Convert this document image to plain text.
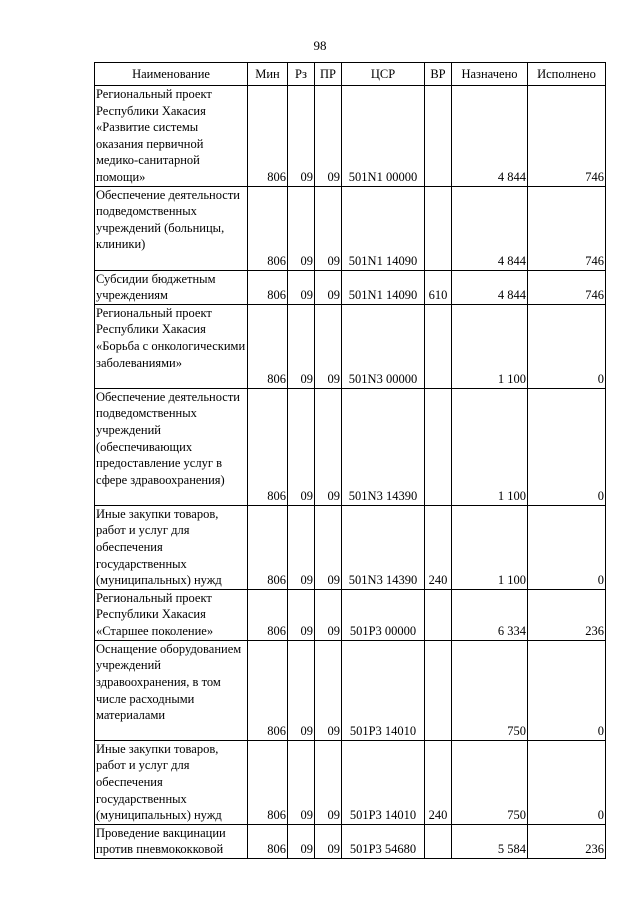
98
Наименование	Мин	Рз	ПР	ЦСР	ВР	Назначено	Исполнено
Региональный проект Республики Хакасия «Развитие системы оказания первичной медико-санитарной помощи»	806	09	09	501N1 00000		4 844	746
Обеспечение деятельности подведомственных учреждений (больницы, клиники)	806	09	09	501N1 14090		4 844	746
Субсидии бюджетным учреждениям	806	09	09	501N1 14090	610	4 844	746
Региональный проект Республики Хакасия «Борьба с онкологическими заболеваниями»	806	09	09	501N3 00000		1 100	0
Обеспечение деятельности подведомственных учреждений (обеспечивающих предоставление услуг в сфере здравоохранения)	806	09	09	501N3 14390		1 100	0
Иные закупки товаров, работ и услуг для обеспечения государственных (муниципальных) нужд	806	09	09	501N3 14390	240	1 100	0
Региональный проект Республики Хакасия «Старшее поколение»	806	09	09	501P3 00000		6 334	236
Оснащение оборудованием учреждений здравоохранения, в том числе расходными материалами	806	09	09	501P3 14010		750	0
Иные закупки товаров, работ и услуг для обеспечения государственных (муниципальных) нужд	806	09	09	501P3 14010	240	750	0
Проведение вакцинации против пневмококковой	806	09	09	501P3 54680		5 584	236
